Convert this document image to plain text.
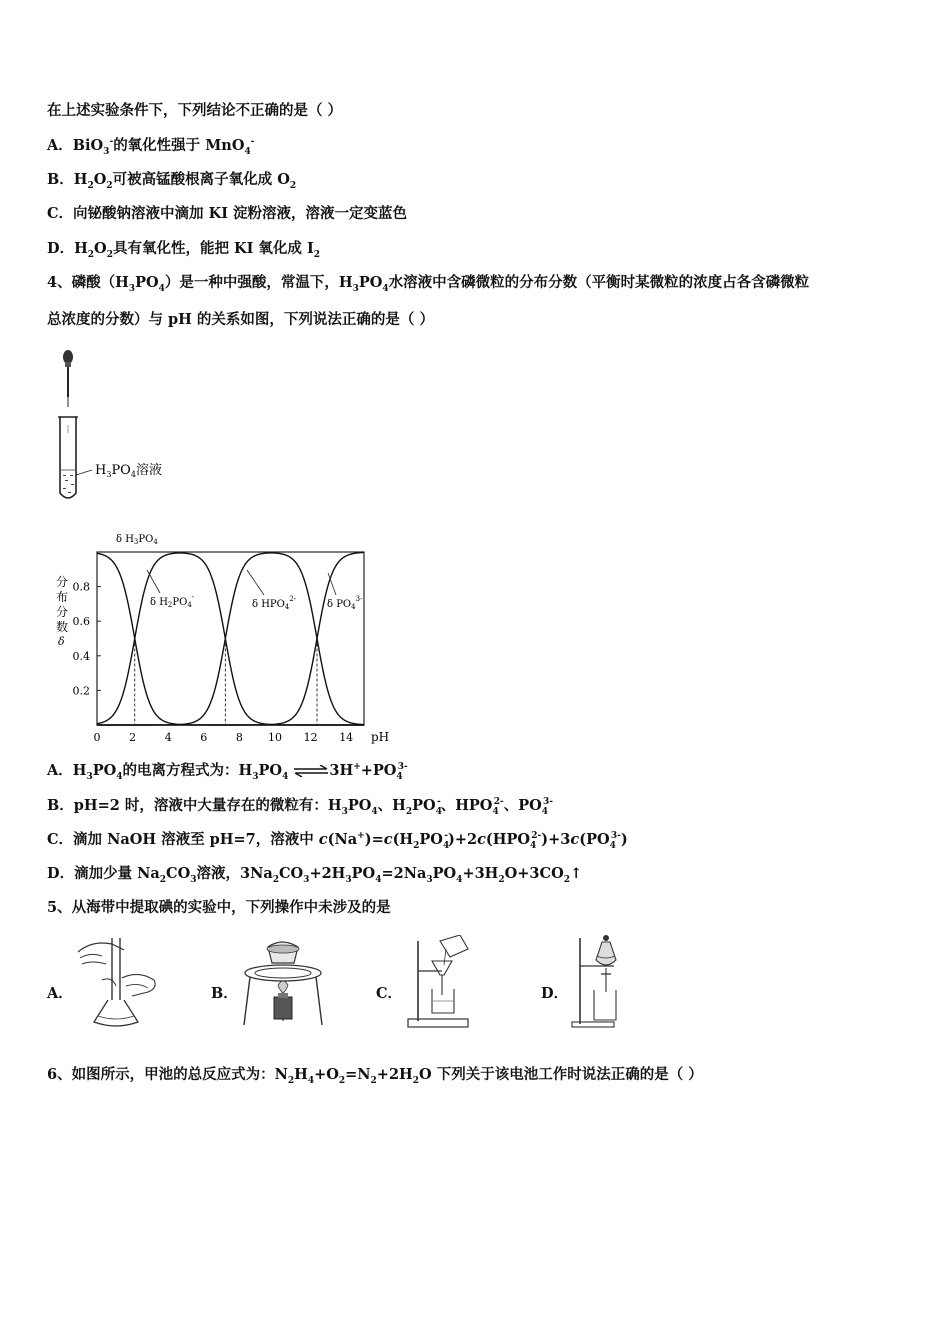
在上述实验条件下，下列结论不正确的是（ ）
A．BiO$_3$-的氧化性强于 MnO$_4$-
B．$H_2O_2$可被高锰酸根离子氧化成 $O_2$
C．向铋酸钠溶液中滴加 KI 淀粉溶液，溶液一定变蓝色
D．$H_2O_2$具有氧化性，能把 KI 氧化成 $I_2$
4、磷酸$(H_3PO_4)$是一种中强酸，常温下，$H_3PO_4$水溶液中含磷微粒的分布分数（平衡时某微粒的浓度占各含磷微粒
总浓度的分数）与 pH 的关系如图，下列说法正确的是（ ）
$H_3PO_4$溶液
0.2
0.4
0.6
0.8
0	2	4	6	8 10 12 14
δ $H_3PO_4$
δ $H_2PO_4^-$
δ $HPO_4^{2-}$	δ $PO_4^{3-}$
分
布
分
数
δ
pH
A．$H_3PO_4$的电离方程式为：$H_3PO_4$ $\rightleftharpoons 3H^++PO_4^{3-}$
B．pH=2 时，溶液中大量存在的微粒有：$H_3PO_4$、$H_2PO_4^-$、$HPO_4^{2-}$、$PO_4^{3-}$
C．滴加 NaOH 溶液至 pH=7，溶液中 $c(Na^+)=c(H_2PO_4^-)+2c(HPO_4^{2-})+3c(PO_4^{3-})$
D．滴加少量 $Na_2CO_3$溶液，$3Na_2CO_3+2H_3PO_4=2Na_3PO_4+3H_2O+3CO_2↑$
5、从海带中提取碘的实验中，下列操作中未涉及的是
A．	B．	C．	D．
6、如图所示，甲池的总反应式为：$N_2H_4+O_2=N_2+2H_2O$ 下列关于该电池工作时说法正确的是（ ）
